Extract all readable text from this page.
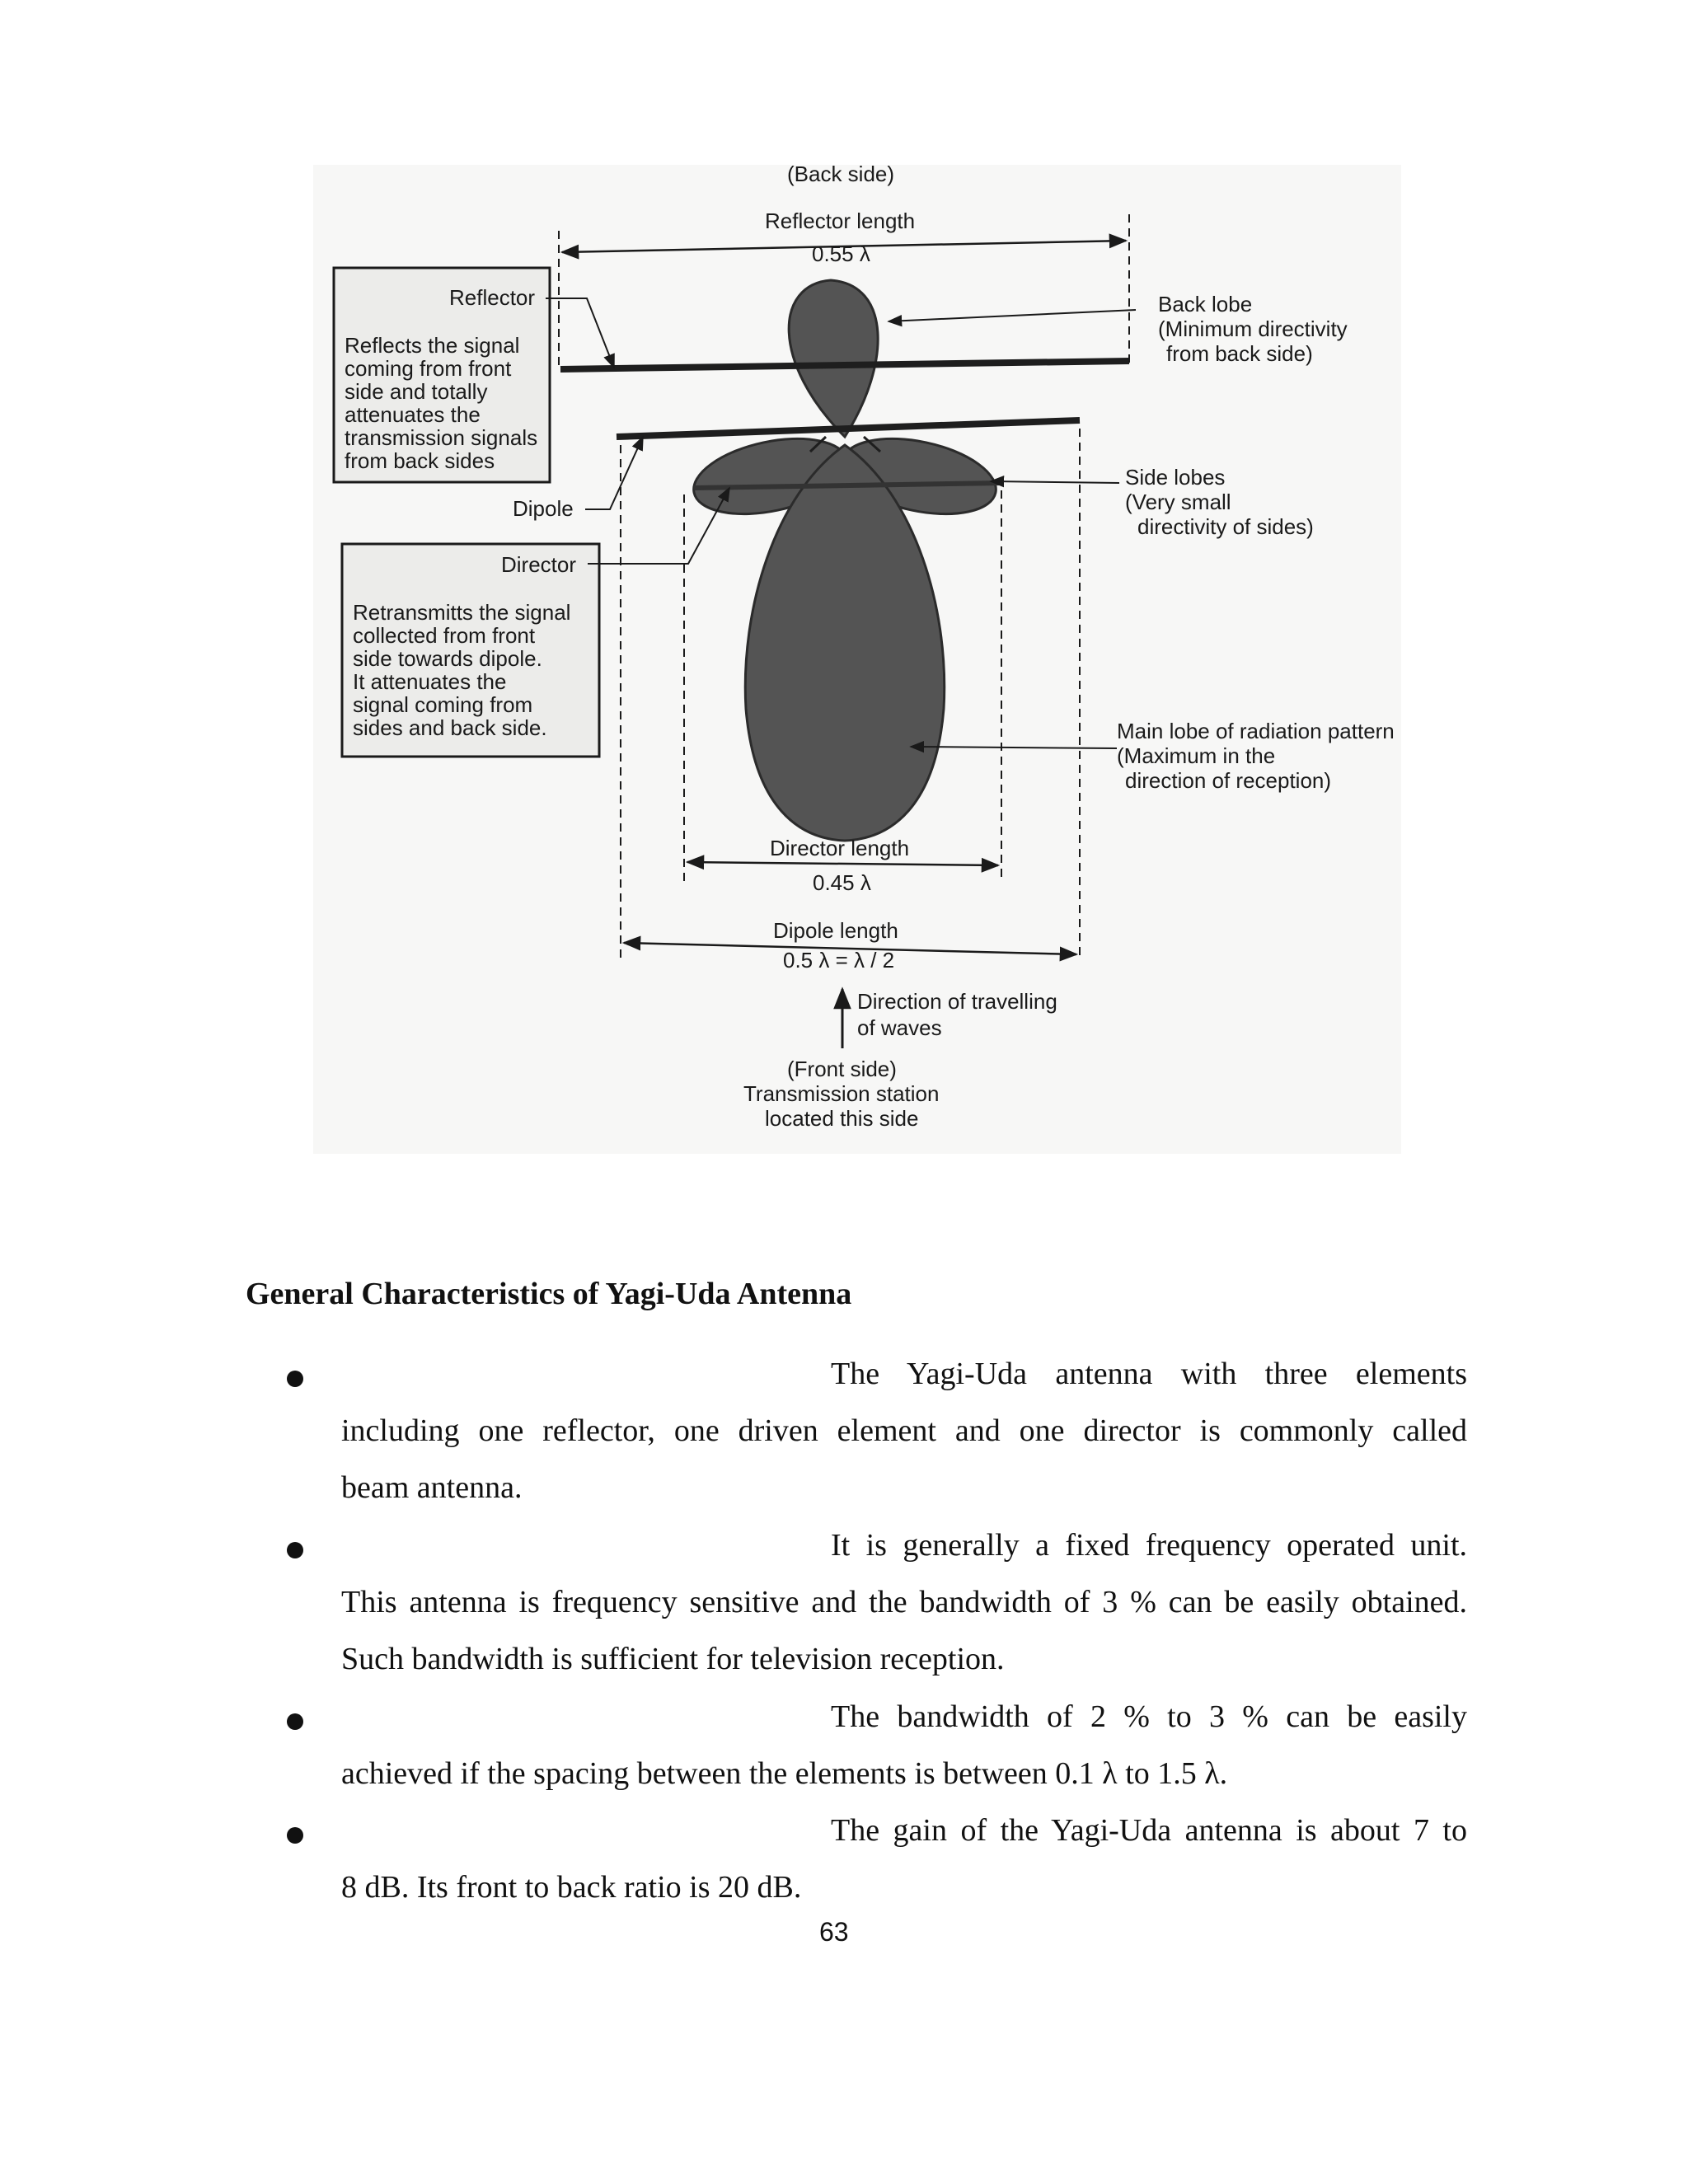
(Back side)
Reflector length
0.55 λ
Director length
0.45 λ
Dipole length
0.5 λ = λ / 2
Direction of travelling
of waves
(Front side)
Transmission station
located this side
Reflector
Reflects the signal
coming from front
side and totally
attenuates the
transmission signals
from back sides
Dipole
Director
Retransmitts the signal
collected from front
side towards dipole.
It attenuates the
signal coming from
sides and back side.
Back lobe
(Minimum directivity
from back side)
Side lobes
(Very small
directivity of sides)
Main lobe of radiation pattern
(Maximum in the
direction of reception)
General Characteristics of Yagi-Uda Antenna
The Yagi-Uda antenna with three elements
including one reflector, one driven element and one director is commonly called
beam antenna.
It is generally a fixed frequency operated unit.
This antenna is frequency sensitive and the bandwidth of 3 % can be easily obtained.
Such bandwidth is sufficient for television reception.
The bandwidth of 2 % to 3 % can be easily
achieved if the spacing between the elements is between 0.1 λ to 1.5 λ.
The gain of the Yagi-Uda antenna is about 7 to
8 dB. Its front to back ratio is 20 dB.
63
